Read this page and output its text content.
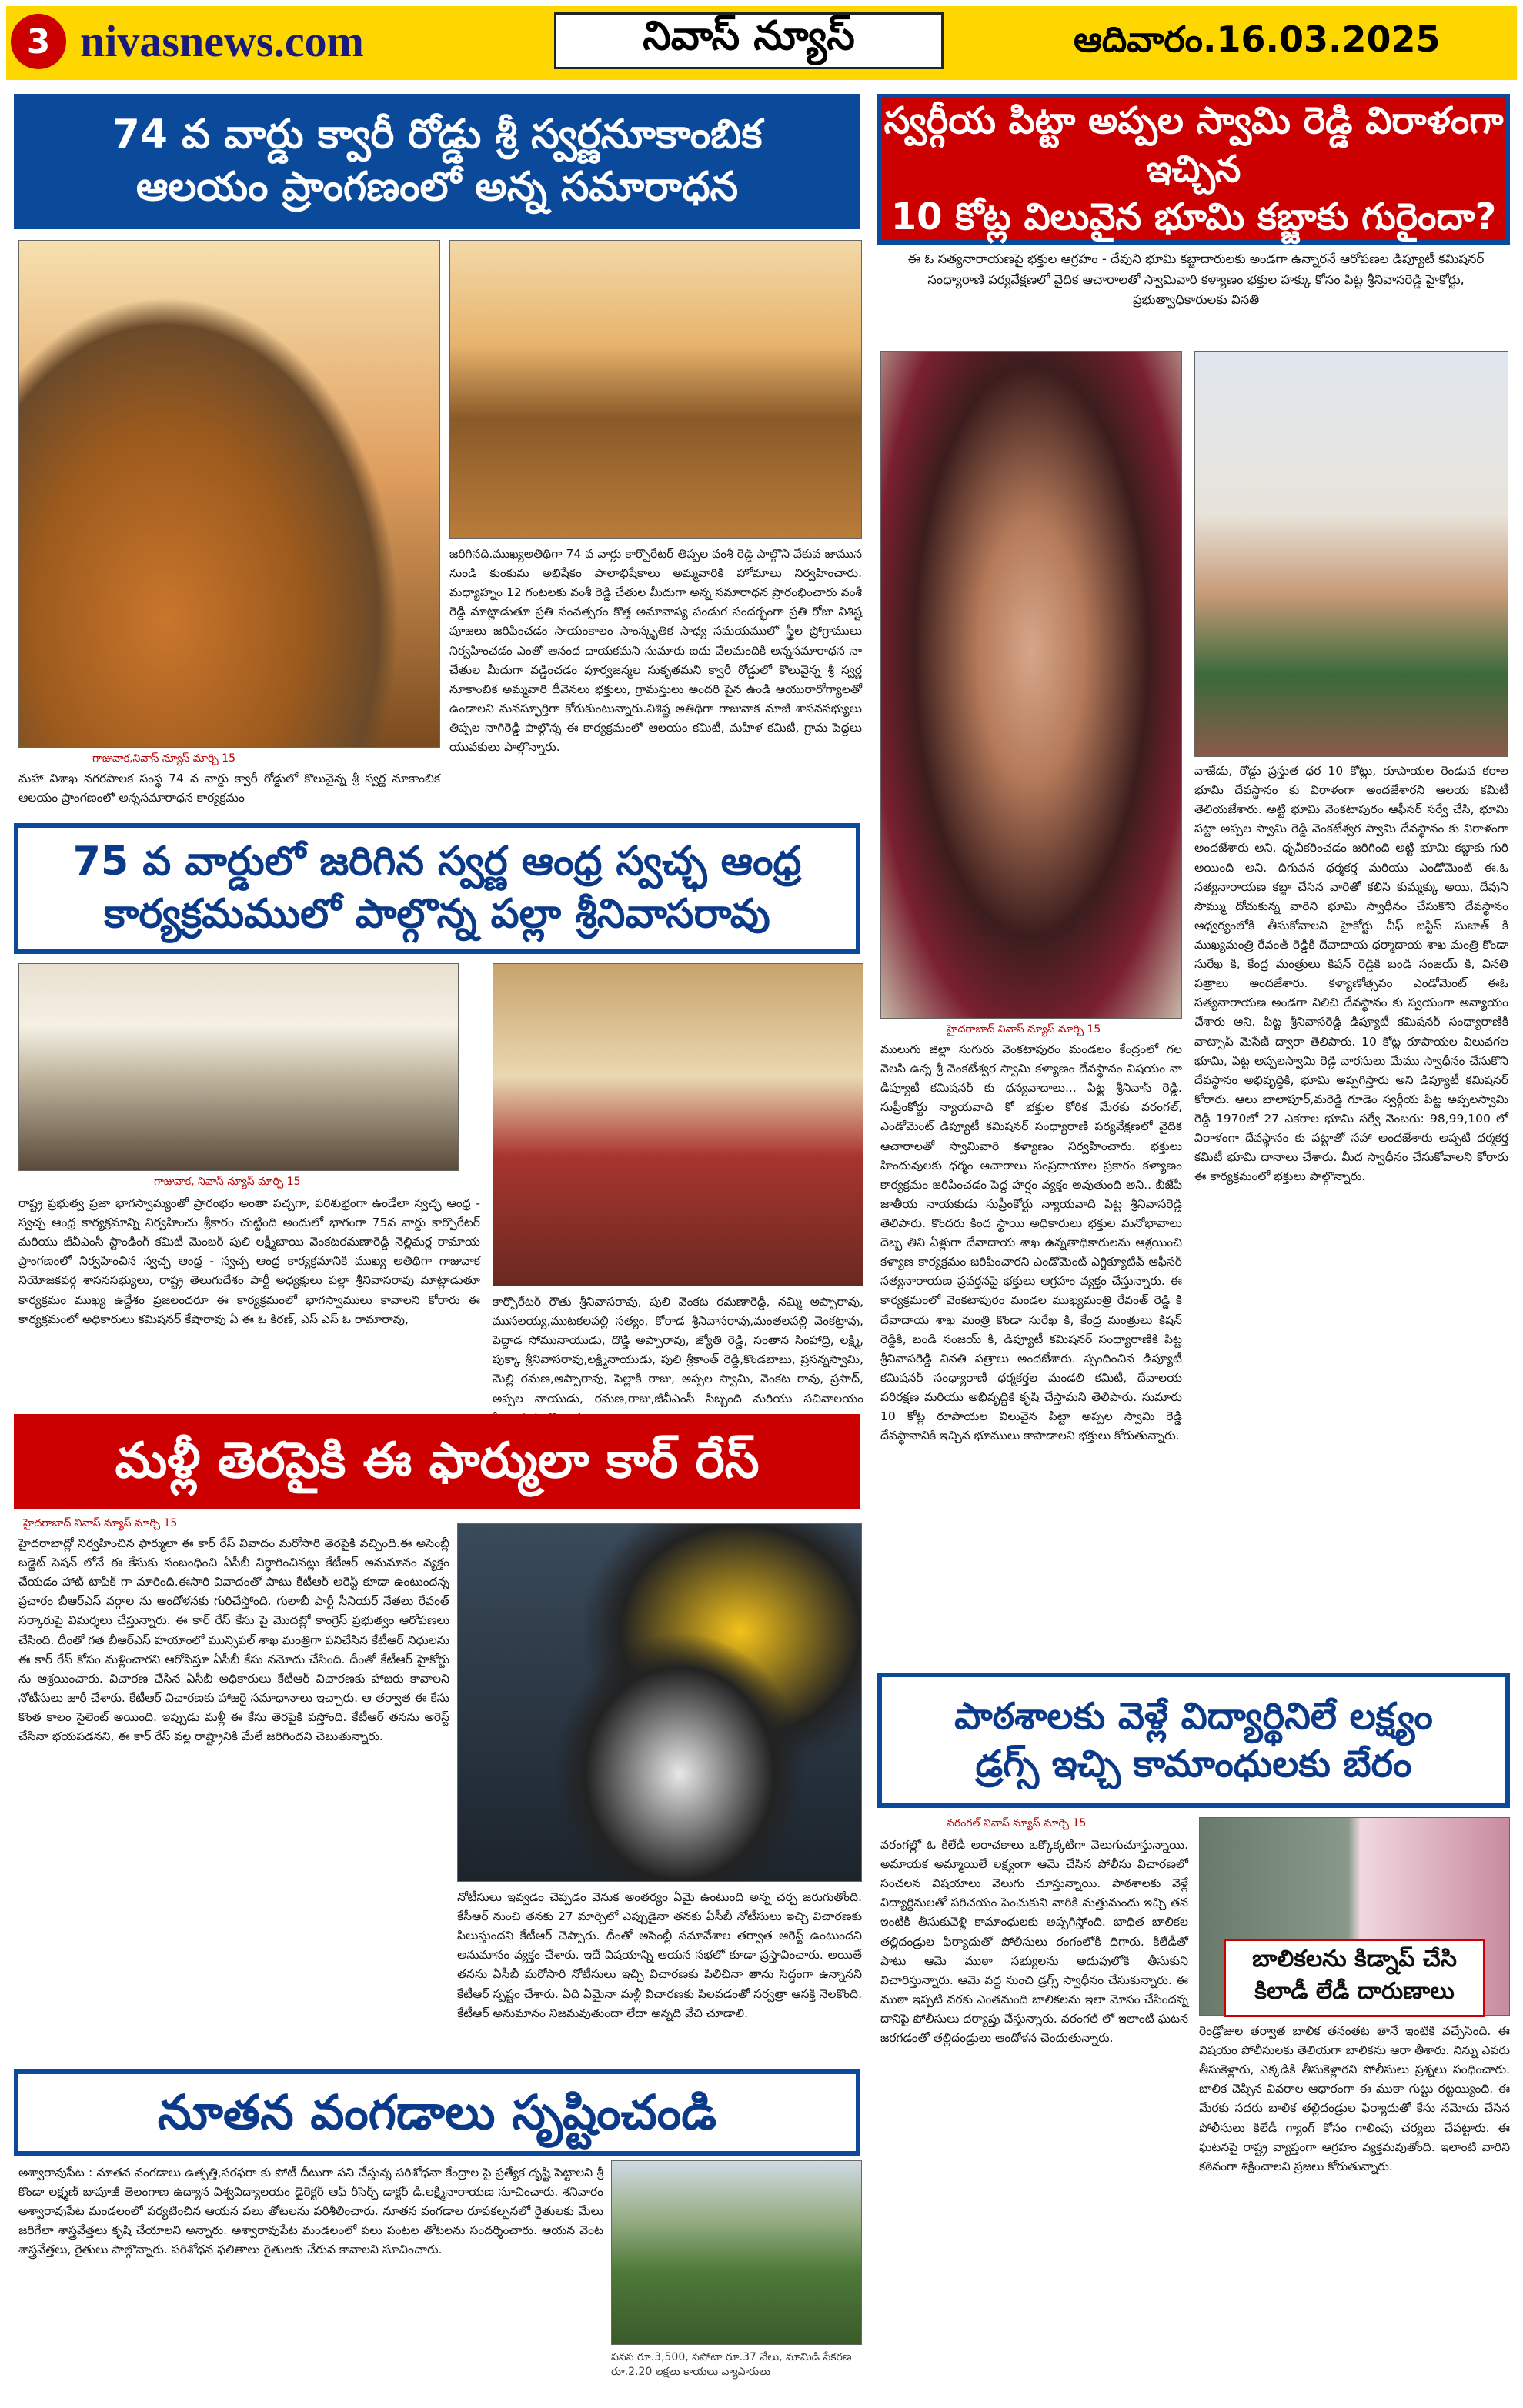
3 nivasnews.com	నివాస్ న్యూస్	ఆదివారం.16.03.2025
74 వ వార్డు క్వారీ రోడ్డు శ్రీ స్వర్ణనూకాంబిక
ఆలయం ప్రాంగణంలో అన్న సమారాధన
గాజువాక,నివాస్ న్యూస్ మార్చి 15
మహా విశాఖ నగరపాలక సంస్థ 74 వ వార్డు క్వారీ రోడ్డులో కొలువైన్న శ్రీ స్వర్ణ నూకాంబిక ఆలయం ప్రాంగణంలో అన్నసమారాధన కార్యక్రమం
జరిగినది.ముఖ్యఅతిథిగా 74 వ వార్డు కార్పొరేటర్ తిప్పల వంశీ రెడ్డి పాల్గొని వేకువ జామున నుండి కుంకుమ అభిషేకం పాలాభిషేకాలు అమ్మవారికి హోమాలు నిర్వహించారు. మధ్యాహ్నం 12 గంటలకు వంశీ రెడ్డి చేతుల మీదుగా అన్న సమారాధన ప్రారంభించారు వంశీ రెడ్డి మాట్లాడుతూ ప్రతి సంవత్సరం కొత్త అమావాస్య పండుగ సందర్భంగా ప్రతి రోజు విశిష్ట పూజలు జరిపించడం సాయంకాలం సాంస్కృతిక సాధ్య సమయములో స్త్రీల ప్రోగ్రాములు నిర్వహించడం ఎంతో ఆనంద దాయకమని సుమారు ఐదు వేలమందికి అన్నసమారాధన నా చేతుల మీదుగా వడ్డించడం పూర్వజన్మల సుకృతమని క్వారీ రోడ్డులో కొలువైన్న శ్రీ స్వర్ణ నూకాంబిక అమ్మవారి దీవెనలు భక్తులు, గ్రామస్తులు అందరి పైన ఉండి ఆయురారోగ్యాలతో ఉండాలని మనస్ఫూర్తిగా కోరుకుంటున్నారు.విశిష్ట అతిథిగా గాజువాక మాజీ శాసనసభ్యులు తిప్పల నాగిరెడ్డి పాల్గొన్న ఈ కార్యక్రమంలో ఆలయం కమిటీ, మహిళ కమిటీ, గ్రామ పెద్దలు యువకులు పాల్గొన్నారు.
75 వ వార్డులో జరిగిన స్వర్ణ ఆంధ్ర స్వచ్ఛ ఆంధ్ర
కార్యక్రమములో పాల్గొన్న పల్లా శ్రీనివాసరావు
గాజువాక, నివాస్ న్యూస్ మార్చి 15
రాష్ట్ర ప్రభుత్వ ప్రజా భాగస్వామ్యంతో ప్రారంభం అంతా పచ్చగా, పరిశుభ్రంగా ఉండేలా స్వచ్ఛ ఆంధ్ర - స్వచ్ఛ ఆంధ్ర కార్యక్రమాన్ని నిర్వహించు శ్రీకారం చుట్టింది అందులో భాగంగా 75వ వార్డు కార్పొరేటర్ మరియు జీవీఎంసీ స్టాండింగ్ కమిటీ మెంబర్ పులి లక్ష్మీబాయి వెంకటరమణారెడ్డి నెల్లిమర్ల రామాయ ప్రాంగణంలో నిర్వహించిన స్వచ్ఛ ఆంధ్ర - స్వచ్ఛ ఆంధ్ర కార్యక్రమానికి ముఖ్య అతిథిగా గాజువాక నియోజకవర్గ శాసనసభ్యులు, రాష్ట్ర తెలుగుదేశం పార్టీ అధ్యక్షులు పల్లా శ్రీనివాసరావు మాట్లాడుతూ కార్యక్రమం ముఖ్య ఉద్దేశం ప్రజలందరూ ఈ కార్యక్రమంలో భాగస్వాములు కావాలని కోరారు ఈ కార్యక్రమంలో అధికారులు కమిషనర్ కేషారావు ఏ ఈ ఓ కిరణ్, ఎస్ ఎస్ ఓ రామారావు,
కార్పొరేటర్ రౌతు శ్రీనివాసరావు, పులి వెంకట రమణారెడ్డి, నమ్మి అప్పారావు, ముసలయ్య,ముటకలపల్లి సత్యం, కోరాడ శ్రీనివాసరావు,మంతలపల్లి వెంకట్రావు, పెద్దాడ సోమునాయుడు, దొడ్డి అప్పారావు, జ్యోతి రెడ్డి, సంతాన సింహాద్రి, లక్ష్మి, పుక్కా శ్రీనివాసరావు,లక్ష్మినాయుడు, పులి శ్రీకాంత్ రెడ్డి,కొండబాబు, ప్రసన్నస్వామి, మెల్లి రమణ,అప్పారావు, పెల్లాకి రాజు, అప్పల స్వామి, వెంకట రావు, ప్రసాద్, అప్పల నాయుడు, రమణ,రాజు,జీవీఎంసీ సిబ్బంది మరియు సచివాలయం
మళ్లీ తెరపైకి ఈ ఫార్ములా కార్ రేస్
హైదరాబాద్ నివాస్ న్యూస్ మార్చి 15
హైదరాబాద్లో నిర్వహించిన ఫార్ములా ఈ కార్ రేస్ వివాదం మరోసారి తెరపైకి వచ్చింది.ఈ అసెంబ్లీ బడ్జెట్ సెషన్ లోనే ఈ కేసుకు సంబంధించి ఏసీబీ నిర్ధారించినట్లు కేటీఆర్ అనుమానం వ్యక్తం చేయడం హాట్ టాపిక్ గా మారింది.ఈసారి వివాదంతో పాటు కేటీఆర్ అరెస్ట్ కూడా ఉంటుందన్న ప్రచారం బీఆర్ఎస్ వర్గాల ను ఆందోళనకు గురిచేస్తోంది. గులాబీ పార్టీ సీనియర్ నేతలు రేవంత్ సర్కారుపై విమర్శలు చేస్తున్నారు. ఈ కార్ రేస్ కేసు పై మొదట్లో కాంగ్రెస్ ప్రభుత్వం ఆరోపణలు చేసింది. దీంతో గత బీఆర్ఎస్ హయాంలో మున్సిపల్ శాఖ మంత్రిగా పనిచేసిన కేటీఆర్ నిధులను ఈ కార్ రేస్ కోసం మళ్లించారని ఆరోపిస్తూ ఏసీబీ కేసు నమోదు చేసింది. దీంతో కేటీఆర్ హైకోర్టు ను ఆశ్రయించారు. విచారణ చేసిన ఏసీబీ అధికారులు కేటీఆర్ విచారణకు హాజరు కావాలని నోటీసులు జారీ చేశారు. కేటీఆర్ విచారణకు హాజరై సమాధానాలు ఇచ్చారు. ఆ తర్వాత ఈ కేసు కొంత కాలం సైలెంట్ అయింది. ఇప్పుడు మళ్లీ ఈ కేసు తెరపైకి వస్తోంది. కేటీఆర్ తనను అరెస్ట్ చేసినా భయపడనని, ఈ కార్ రేస్ వల్ల రాష్ట్రానికి మేలే జరిగిందని చెబుతున్నారు.
నోటీసులు ఇవ్వడం చెప్పడం వెనుక అంతర్యం ఏమై ఉంటుంది అన్న చర్చ జరుగుతోంది. కేసీఆర్ నుంచి తనకు 27 మార్చిలో ఎప్పుడైనా తనకు ఏసీబీ నోటీసులు ఇచ్చి విచారణకు పిలుస్తుందని కేటీఆర్ చెప్పారు. దీంతో అసెంబ్లీ సమావేశాల తర్వాత ఆరెస్ట్ ఉంటుందని అనుమానం వ్యక్తం చేశారు. ఇదే విషయాన్ని ఆయన సభలో కూడా ప్రస్తావించారు. అయితే తనను ఏసీబీ మరోసారి నోటీసులు ఇచ్చి విచారణకు పిలిచినా తాను సిద్ధంగా ఉన్నానని కేటీఆర్ స్పష్టం చేశారు. ఏది ఏమైనా మళ్లీ విచారణకు పిలవడంతో సర్వత్రా ఆసక్తి నెలకొంది. కేటీఆర్ అనుమానం నిజమవుతుందా లేదా అన్నది వేచి చూడాలి.
నూతన వంగడాలు సృష్టించండి
అశ్వారావుపేట : నూతన వంగడాలు ఉత్పత్తి,సరఫరా కు పోటీ దీటుగా పని చేస్తున్న పరిశోధనా కేంద్రాల పై ప్రత్యేక దృష్టి పెట్టాలని శ్రీ కొండా లక్ష్మణ్ బాపూజీ తెలంగాణ ఉద్యాన విశ్వవిద్యాలయం డైరెక్టర్ ఆఫ్ రీసెర్చ్ డాక్టర్ డి.లక్ష్మినారాయణ సూచించారు. శనివారం అశ్వారావుపేట మండలంలో పర్యటించిన ఆయన పలు తోటలను పరిశీలించారు. నూతన వంగడాల రూపకల్పనలో రైతులకు మేలు జరిగేలా శాస్త్రవేత్తలు కృషి చేయాలని అన్నారు. అశ్వారావుపేట మండలంలో పలు పంటల తోటలను సందర్శించారు. ఆయన వెంట శాస్త్రవేత్తలు, రైతులు పాల్గొన్నారు. పరిశోధన ఫలితాలు రైతులకు చేరువ కావాలని సూచించారు.
పనస రూ.3,500, సపోటా రూ.37 వేలు, మామిడి సేకరణ రూ.2.20 లక్షలు కాయలు వ్యాపారులు
స్వర్గీయ పిట్టా అప్పల స్వామి రెడ్డి విరాళంగా ఇచ్చిన
10 కోట్ల విలువైన భూమి కబ్జాకు గురైందా?
ఈ ఓ సత్యనారాయణపై భక్తుల ఆగ్రహం - దేవుని భూమి కబ్జాదారులకు అండగా ఉన్నారనే ఆరోపణల డిప్యూటీ కమిషనర్ సంధ్యారాణి పర్యవేక్షణలో వైదిక ఆచారాలతో స్వామివారి కళ్యాణం భక్తుల హక్కు కోసం పిట్ట శ్రీనివాసరెడ్డి హైకోర్టు, ప్రభుత్వాధికారులకు వినతి
వాజేడు, రోడ్డు ప్రస్తుత ధర 10 కోట్లు, రూపాయల రెండువ కరాల భూమి దేవస్థానం కు విరాళంగా అందజేశారని ఆలయ కమిటీ తెలియజేశారు. అట్టి భూమి వెంకటాపురం ఆఫీసర్ సర్వే చేసి, భూమి పట్టా అప్పల స్వామి రెడ్డి వెంకటేశ్వర స్వామి దేవస్థానం కు విరాళంగా అందజేశారు అని. ధృవీకరించడం జరిగింది అట్టి భూమి కబ్జాకు గురి అయింది అని. దిగువన ధర్మకర్త మరియు ఎండోమెంట్ ఈ.ఓ సత్యనారాయణ కబ్జా చేసిన వారితో కలిసి కుమ్మక్కు అయి, దేవుని సొమ్ము దోచుకున్న వారిని భూమి స్వాధీనం చేసుకొని దేవస్థానం ఆధ్వర్యంలోకి తీసుకోవాలని హైకోర్టు చీఫ్ జస్టిస్ సుజాత్ కి ముఖ్యమంత్రి రేవంత్ రెడ్డికి దేవాదాయ ధర్మాదాయ శాఖ మంత్రి కొండా సురేఖ కి, కేంద్ర మంత్రులు కిషన్ రెడ్డికి బండి సంజయ్ కి, వినతి పత్రాలు అందజేశారు. కళ్యాణోత్సవం ఎండోమెంట్ ఈఓ సత్యనారాయణ అండగా నిలిచి దేవస్థానం కు స్వయంగా అన్యాయం చేశారు అని. పిట్ట శ్రీనివాసరెడ్డి డిప్యూటీ కమిషనర్ సంధ్యారాణికి వాట్సాప్ మెసేజ్ ద్వారా తెలిపారు. 10 కోట్ల రూపాయల విలువగల భూమి, పిట్ట అప్పలస్వామి రెడ్డి వారసులు మేము స్వాధీనం చేసుకొని దేవస్థానం అభివృద్ధికి, భూమి అప్పగిస్తారు అని డిప్యూటీ కమిషనర్ కోరారు. ఆలు బాలాపూర్,మరెడ్డి గూడెం స్వర్గీయ పిట్ట అప్పలస్వామి రెడ్డి 1970లో 27 ఎకరాల భూమి సర్వే నెంబరు: 98,99,100 లో విరాళంగా దేవస్థానం కు పట్టాతో సహా అందజేశారు అప్పటి ధర్మకర్త కమిటీ భూమి దానాలు చేశారు. మీద స్వాధీనం చేసుకోవాలని కోరారు ఈ కార్యక్రమంలో భక్తులు పాల్గొన్నారు.
హైదరాబాద్ నివాస్ న్యూస్ మార్చి 15
ములుగు జిల్లా సుగురు వెంకటాపురం మండలం కేంద్రంలో గల వెలసి ఉన్న శ్రీ వెంకటేశ్వర స్వామి కళ్యాణం దేవస్థానం విషయం నా డిప్యూటీ కమిషనర్ కు ధన్యవాదాలు... పిట్ట శ్రీనివాస్ రెడ్డి. సుప్రీంకోర్టు న్యాయవాది కో భక్తుల కోరిక మేరకు వరంగల్, ఎండోమెంట్ డిప్యూటీ కమిషనర్ సంధ్యారాణి పర్యవేక్షణలో వైదిక ఆచారాలతో స్వామివారి కళ్యాణం నిర్వహించారు. భక్తులు హిందువులకు ధర్మం ఆచారాలు సంప్రదాయాల ప్రకారం కళ్యాణం కార్యక్రమం జరిపించడం పెద్ద హర్షం వ్యక్తం అవుతుంది అని.. బీజేపీ జాతీయ నాయకుడు సుప్రీంకోర్టు న్యాయవాది పిట్ట శ్రీనివాసరెడ్డి తెలిపారు. కొందరు కింద స్థాయి అధికారులు భక్తుల మనోభావాలు దెబ్బ తిని ఏళ్లుగా దేవాదాయ శాఖ ఉన్నతాధికారులను ఆశ్రయించి కళ్యాణ కార్యక్రమం జరిపించారని ఎండోమెంట్ ఎగ్జిక్యూటివ్ ఆఫీసర్ సత్యనారాయణ ప్రవర్తనపై భక్తులు ఆగ్రహం వ్యక్తం చేస్తున్నారు. ఈ కార్యక్రమంలో వెంకటాపురం మండల ముఖ్యమంత్రి రేవంత్ రెడ్డి కి దేవాదాయ శాఖ మంత్రి కొండా సురేఖ కి, కేంద్ర మంత్రులు కిషన్ రెడ్డికి, బండి సంజయ్ కి, డిప్యూటీ కమిషనర్ సంధ్యారాణికి పిట్ట శ్రీనివాసరెడ్డి వినతి పత్రాలు అందజేశారు. స్పందించిన డిప్యూటీ కమిషనర్ సంధ్యారాణి ధర్మకర్తల మండలి కమిటీ, దేవాలయ పరిరక్షణ మరియు అభివృద్ధికి కృషి చేస్తామని తెలిపారు. సుమారు 10 కోట్ల రూపాయల విలువైన పిట్టా అప్పల స్వామి రెడ్డి దేవస్థానానికి ఇచ్చిన భూములు కాపాడాలని భక్తులు కోరుతున్నారు.
పాఠశాలకు వెళ్లే విద్యార్థినిలే లక్ష్యం
డ్రగ్స్ ఇచ్చి కామాంధులకు బేరం
వరంగల్ నివాస్ న్యూస్ మార్చి 15
వరంగల్లో ఓ కిలేడీ అరాచకాలు ఒక్కొక్కటిగా వెలుగుచూస్తున్నాయి. అమాయక అమ్మాయిలే లక్ష్యంగా ఆమె చేసిన పోలీసు విచారణలో సంచలన విషయాలు వెలుగు చూస్తున్నాయి. పాఠశాలకు వెళ్లే విద్యార్థినులతో పరిచయం పెంచుకుని వారికి మత్తుమందు ఇచ్చి తన ఇంటికి తీసుకువెళ్లి కామాంధులకు అప్పగిస్తోంది. బాధిత బాలికల తల్లిదండ్రుల ఫిర్యాదుతో పోలీసులు రంగంలోకి దిగారు. కిలేడీతో పాటు ఆమె ముఠా సభ్యులను అదుపులోకి తీసుకుని విచారిస్తున్నారు. ఆమె వద్ద నుంచి డ్రగ్స్ స్వాధీనం చేసుకున్నారు. ఈ ముఠా ఇప్పటి వరకు ఎంతమంది బాలికలను ఇలా మోసం చేసిందన్న దానిపై పోలీసులు దర్యాప్తు చేస్తున్నారు. వరంగల్ లో ఇలాంటి ఘటన జరగడంతో తల్లిదండ్రులు ఆందోళన చెందుతున్నారు.
బాలికలను కిడ్నాప్ చేసి కిలాడీ లేడీ దారుణాలు
రెండ్రోజుల తర్వాత బాలిక తనంతట తానే ఇంటికి వచ్చేసింది. ఈ విషయం పోలీసులకు తెలియగా బాలికను ఆరా తీశారు. నిన్ను ఎవరు తీసుకెళ్లారు, ఎక్కడికి తీసుకెళ్లారని పోలీసులు ప్రశ్నలు సంధించారు. బాలిక చెప్పిన వివరాల ఆధారంగా ఈ ముఠా గుట్టు రట్టయ్యింది. ఈ మేరకు సదరు బాలిక తల్లిదండ్రుల ఫిర్యాదుతో కేసు నమోదు చేసిన పోలీసులు కిలేడీ గ్యాంగ్ కోసం గాలింపు చర్యలు చేపట్టారు. ఈ ఘటనపై రాష్ట్ర వ్యాప్తంగా ఆగ్రహం వ్యక్తమవుతోంది. ఇలాంటి వారిని కఠినంగా శిక్షించాలని ప్రజలు కోరుతున్నారు.
